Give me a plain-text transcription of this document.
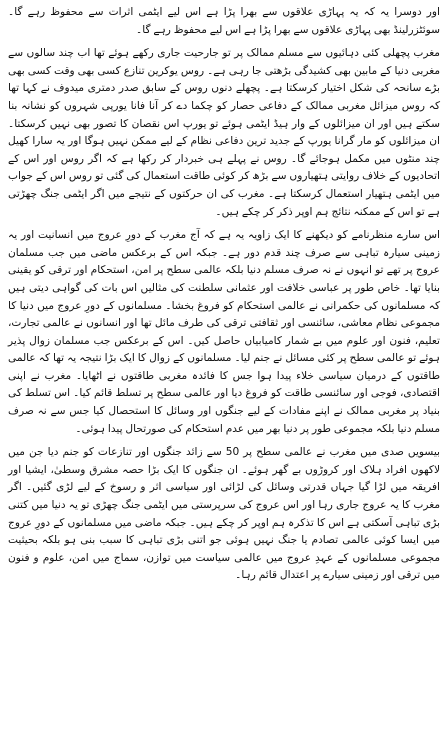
اور دوسرا یہ کہ یہ پہاڑی علاقوں سے بھرا پڑا ہے اس لیے ایٹمی اثرات سے محفوظ رہے گا۔ سوئٹزرلینڈ بھی پہاڑی علاقوں سے بھرا پڑا ہے اس لیے محفوظ رہے گا۔

مغرب پچھلی کئی دہائیوں سے مسلم ممالک پر تو جارحیت جاری رکھے ہوئے تھا اب چند سالوں سے مغربی دنیا کے مابین بھی کشیدگی بڑھتی جا رہی ہے۔ روس یوکرین تنازع کسی بھی وقت کسی بھی بڑے سانحہ کی شکل اختیار کرسکتا ہے۔ پچھلے دنوں روس کے سابق صدر دمتری میدوف نے کہا تھا کہ روس میزائل مغربی ممالک کے دفاعی حصار کو چکما دے کر آنا فانا یورپی شہروں کو نشانہ بنا سکتے ہیں اور ان میزائلوں کے وار ہیڈ ایٹمی ہوئے تو یورپ اس نقصان کا تصور بھی نہیں کرسکتا۔ ان میزائلوں کو مار گرانا یورپ کے جدید ترین دفاعی نظام کے لیے ممکن نہیں ہوگا اور یہ سارا کھیل چند منٹوں میں مکمل ہوجائے گا۔ روس نے پہلے ہی خبردار کر رکھا ہے کہ اگر روس اور اس کے اتحادیوں کے خلاف روایتی ہتھیاروں سے بڑھ کر کوئی طاقت استعمال کی گئی تو روس اس کے جواب میں ایٹمی ہتھیار استعمال کرسکتا ہے۔ مغرب کی ان حرکتوں کے نتیجے میں اگر ایٹمی جنگ چھڑتی ہے تو اس کے ممکنہ نتائج ہم اوپر ذکر کر چکے ہیں۔

اس سارے منظرنامے کو دیکھنے کا ایک زاویہ یہ ہے کہ آج مغرب کے دورِ عروج میں انسانیت اور یہ زمینی سیارہ تباہی سے صرف چند قدم دور ہے۔ جبکہ اس کے برعکس ماضی میں جب مسلمان عروج پر تھے تو انہوں نے نہ صرف مسلم دنیا بلکہ عالمی سطح پر امن، استحکام اور ترقی کو یقینی بنایا تھا۔ خاص طور پر عباسی خلافت اور عثمانی سلطنت کی مثالیں اس بات کی گواہی دیتی ہیں کہ مسلمانوں کی حکمرانی نے عالمی استحکام کو فروغ بخشا۔ مسلمانوں کے دورِ عروج میں دنیا کا مجموعی نظام معاشی، سائنسی اور ثقافتی ترقی کی طرف مائل تھا اور انسانوں نے عالمی تجارت، تعلیم، فنون اور علوم میں بے شمار کامیابیاں حاصل کیں۔ اس کے برعکس جب مسلمان زوال پذیر ہوئے تو عالمی سطح پر کئی مسائل نے جنم لیا۔ مسلمانوں کے زوال کا ایک بڑا نتیجہ یہ تھا کہ عالمی طاقتوں کے درمیان سیاسی خلاء پیدا ہوا جس کا فائدہ مغربی طاقتوں نے اٹھایا۔ مغرب نے اپنی اقتصادی، فوجی اور سائنسی طاقت کو فروغ دیا اور عالمی سطح پر تسلط قائم کیا۔ اس تسلط کی بنیاد پر مغربی ممالک نے اپنے مفادات کے لیے جنگوں اور وسائل کا استحصال کیا جس سے نہ صرف مسلم دنیا بلکہ مجموعی طور پر دنیا بھر میں عدم استحکام کی صورتحال پیدا ہوئی۔

بیسویں صدی میں مغرب نے عالمی سطح پر 50 سے زائد جنگوں اور تنازعات کو جنم دیا جن میں لاکھوں افراد ہلاک اور کروڑوں بے گھر ہوئے۔ ان جنگوں کا ایک بڑا حصہ مشرق وسطیٰ، ایشیا اور افریقہ میں لڑا گیا جہاں قدرتی وسائل کی لڑائی اور سیاسی اثر و رسوخ کے لیے لڑی گئیں۔ اگر مغرب کا یہ عروج جاری رہا اور اس عروج کی سرپرستی میں ایٹمی جنگ چھڑی تو یہ دنیا میں کتنی بڑی تباہی آسکتی ہے اس کا تذکرہ ہم اوپر کر چکے ہیں۔ جبکہ ماضی میں مسلمانوں کے دورِ عروج میں ایسا کوئی عالمی تصادم یا جنگ نہیں ہوئی جو اتنی بڑی تباہی کا سبب بنی ہو بلکہ بحیثیت مجموعی مسلمانوں کے عہدِ عروج میں عالمی سیاست میں توازن، سماج میں امن، علوم و فنون میں ترقی اور زمینی سیارے پر اعتدال قائم رہا۔
